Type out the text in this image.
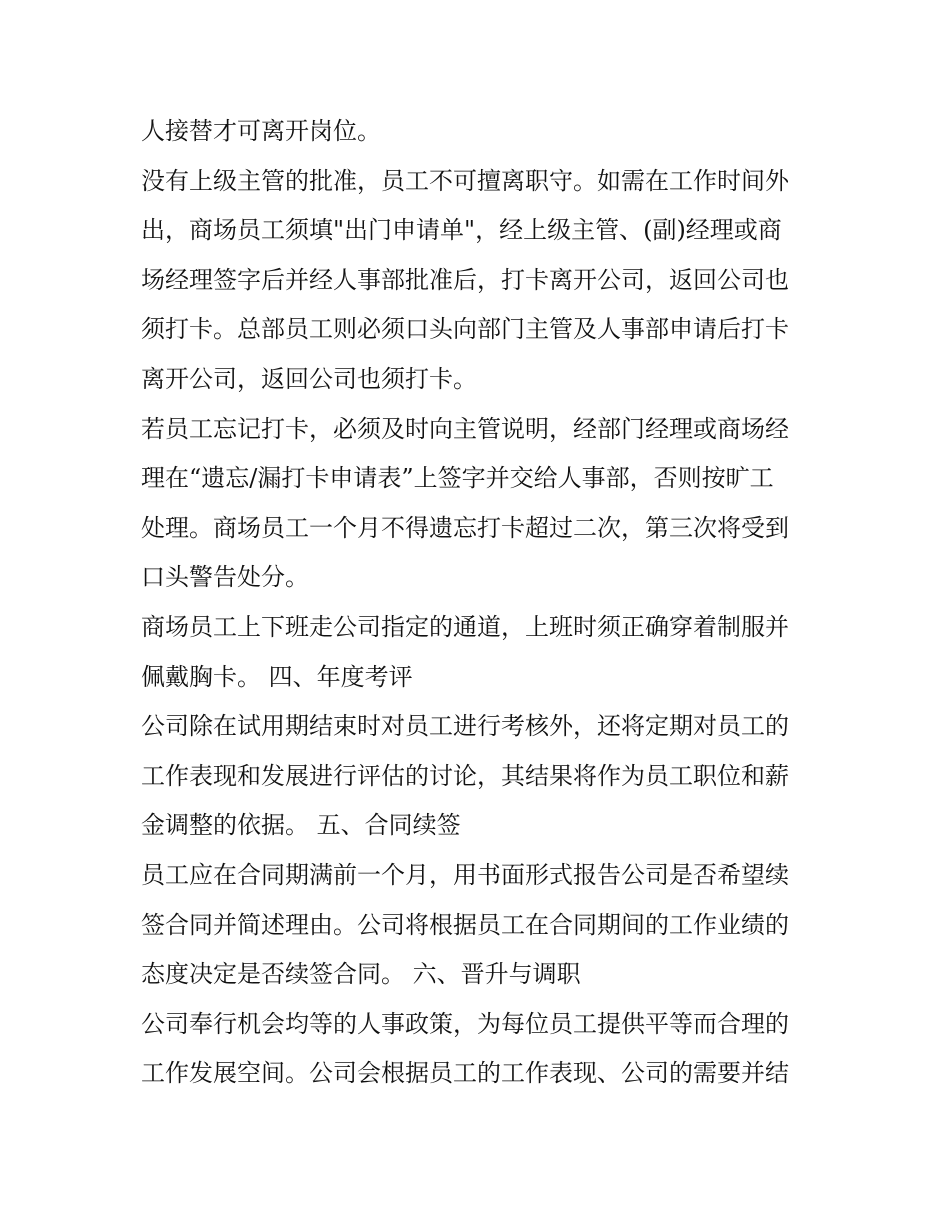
人接替才可离开岗位。
没有上级主管的批准，员工不可擅离职守。如需在工作时间外
出，商场员工须填"出门申请单"，经上级主管、(副)经理或商
场经理签字后并经人事部批准后，打卡离开公司，返回公司也
须打卡。总部员工则必须口头向部门主管及人事部申请后打卡
离开公司，返回公司也须打卡。
若员工忘记打卡，必须及时向主管说明，经部门经理或商场经
理在“遗忘/漏打卡申请表”上签字并交给人事部，否则按旷工
处理。商场员工一个月不得遗忘打卡超过二次，第三次将受到
口头警告处分。
商场员工上下班走公司指定的通道，上班时须正确穿着制服并
佩戴胸卡。 四、年度考评
公司除在试用期结束时对员工进行考核外，还将定期对员工的
工作表现和发展进行评估的讨论，其结果将作为员工职位和薪
金调整的依据。 五、合同续签
员工应在合同期满前一个月，用书面形式报告公司是否希望续
签合同并简述理由。公司将根据员工在合同期间的工作业绩的
态度决定是否续签合同。 六、晋升与调职
公司奉行机会均等的人事政策，为每位员工提供平等而合理的
工作发展空间。公司会根据员工的工作表现、公司的需要并结
